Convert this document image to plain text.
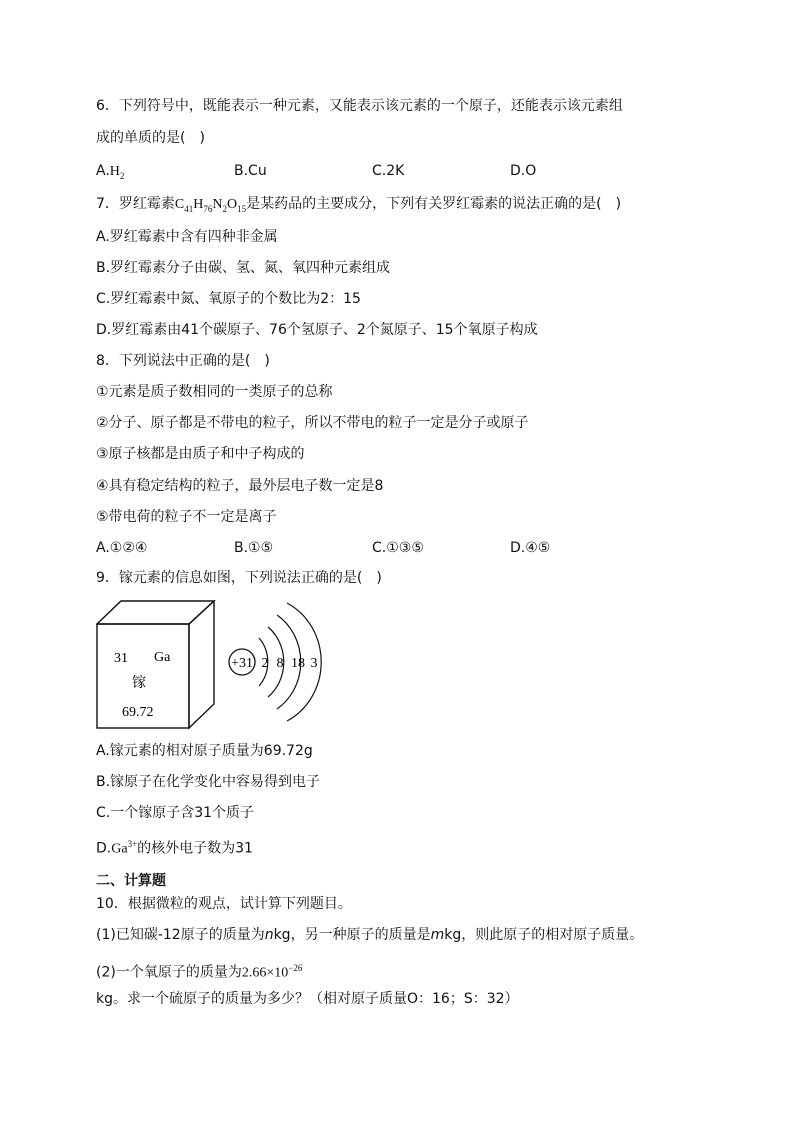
6．下列符号中，既能表示一种元素，又能表示该元素的一个原子，还能表示该元素组
成的单质的是(　)
$A.H_2$	B.Cu	C.2K	D.O
7．罗红霉素$C_{41}H_{76}N_2O_{15}$是某药品的主要成分，下列有关罗红霉素的说法正确的是(　)
A.罗红霉素中含有四种非金属
B.罗红霉素分子由碳、氢、氮、氧四种元素组成
C.罗红霉素中氮、氧原子的个数比为2：15
D.罗红霉素由41个碳原子、76个氢原子、2个氮原子、15个氧原子构成
8．下列说法中正确的是(　)
①元素是质子数相同的一类原子的总称
②分子、原子都是不带电的粒子，所以不带电的粒子一定是分子或原子
③原子核都是由质子和中子构成的
④具有稳定结构的粒子，最外层电子数一定是8
⑤带电荷的粒子不一定是离子
A.①②④	B.①⑤	C.①③⑤	D.④⑤
9．镓元素的信息如图，下列说法正确的是(　)
31 Ga
镓
69.72
+31 2 8 18 3
A.镓元素的相对原子质量为69.72g
B.镓原子在化学变化中容易得到电子
C.一个镓原子含31个质子
$D.Ga^{3+}$的核外电子数为31
二、计算题
10．根据微粒的观点，试计算下列题目。
(1)已知碳-12原子的质量为nkg，另一种原子的质量是mkg，则此原子的相对原子质量。
(2)一个氧原子的质量为$2.66\times 10^{-26}$
kg。求一个硫原子的质量为多少？（相对原子质量O：16；S：32）
